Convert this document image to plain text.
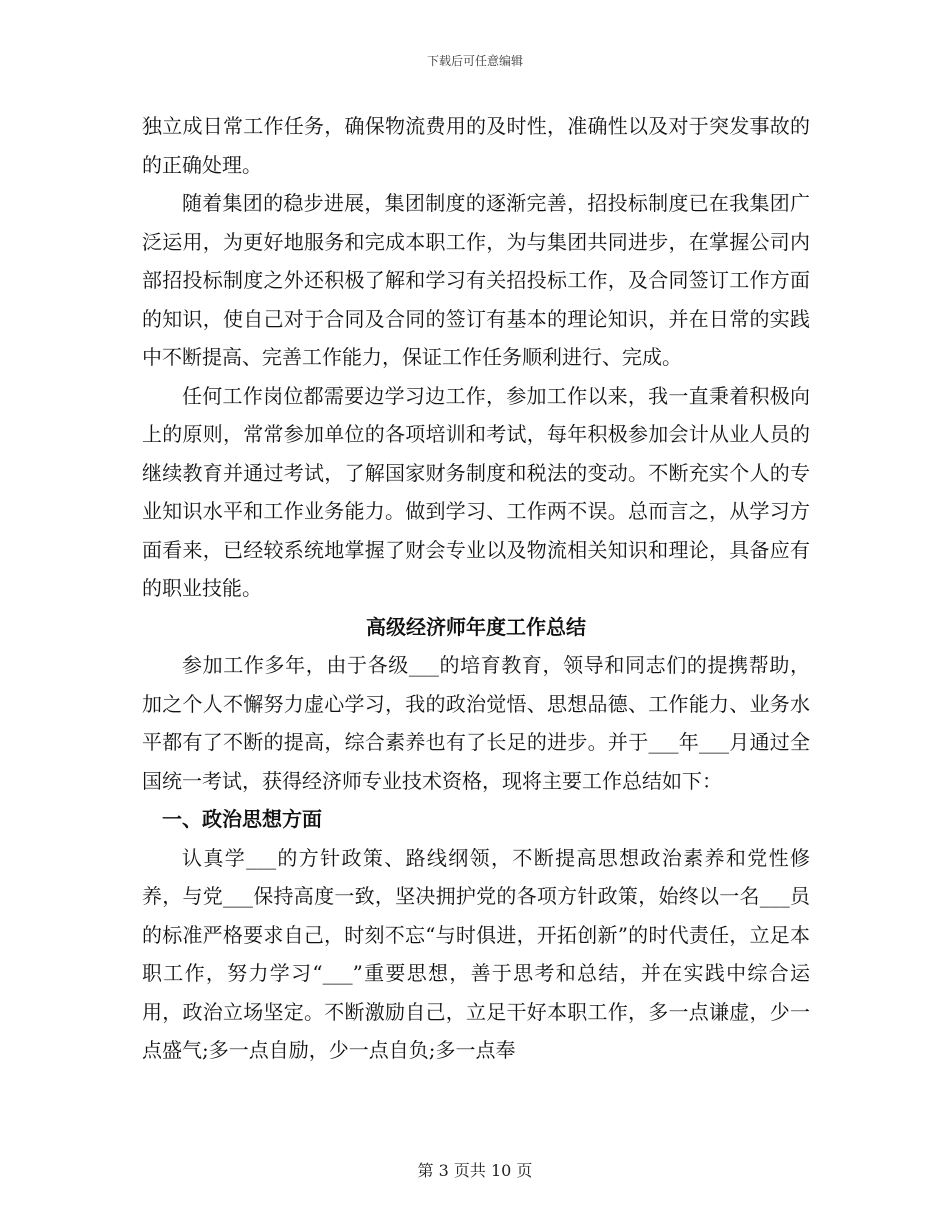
下载后可任意编辑

独立成日常工作任务，确保物流费用的及时性，准确性以及对于突发事故的的正确处理。

随着集团的稳步进展，集团制度的逐渐完善，招投标制度已在我集团广泛运用，为更好地服务和完成本职工作，为与集团共同进步，在掌握公司内部招投标制度之外还积极了解和学习有关招投标工作，及合同签订工作方面的知识，使自己对于合同及合同的签订有基本的理论知识，并在日常的实践中不断提高、完善工作能力，保证工作任务顺利进行、完成。

任何工作岗位都需要边学习边工作，参加工作以来，我一直秉着积极向上的原则，常常参加单位的各项培训和考试，每年积极参加会计从业人员的继续教育并通过考试，了解国家财务制度和税法的变动。不断充实个人的专业知识水平和工作业务能力。做到学习、工作两不误。总而言之，从学习方面看来，已经较系统地掌握了财会专业以及物流相关知识和理论，具备应有的职业技能。

高级经济师年度工作总结

参加工作多年，由于各级___的培育教育，领导和同志们的提携帮助，加之个人不懈努力虚心学习，我的政治觉悟、思想品德、工作能力、业务水平都有了不断的提高，综合素养也有了长足的进步。并于___年___月通过全国统一考试，获得经济师专业技术资格，现将主要工作总结如下：

一、政治思想方面

认真学___的方针政策、路线纲领，不断提高思想政治素养和党性修养，与党___保持高度一致，坚决拥护党的各项方针政策，始终以一名___员的标准严格要求自己，时刻不忘“与时俱进，开拓创新”的时代责任，立足本职工作，努力学习“___”重要思想，善于思考和总结，并在实践中综合运用，政治立场坚定。不断激励自己，立足干好本职工作，多一点谦虚，少一点盛气;多一点自励，少一点自负;多一点奉

第 3 页共 10 页
